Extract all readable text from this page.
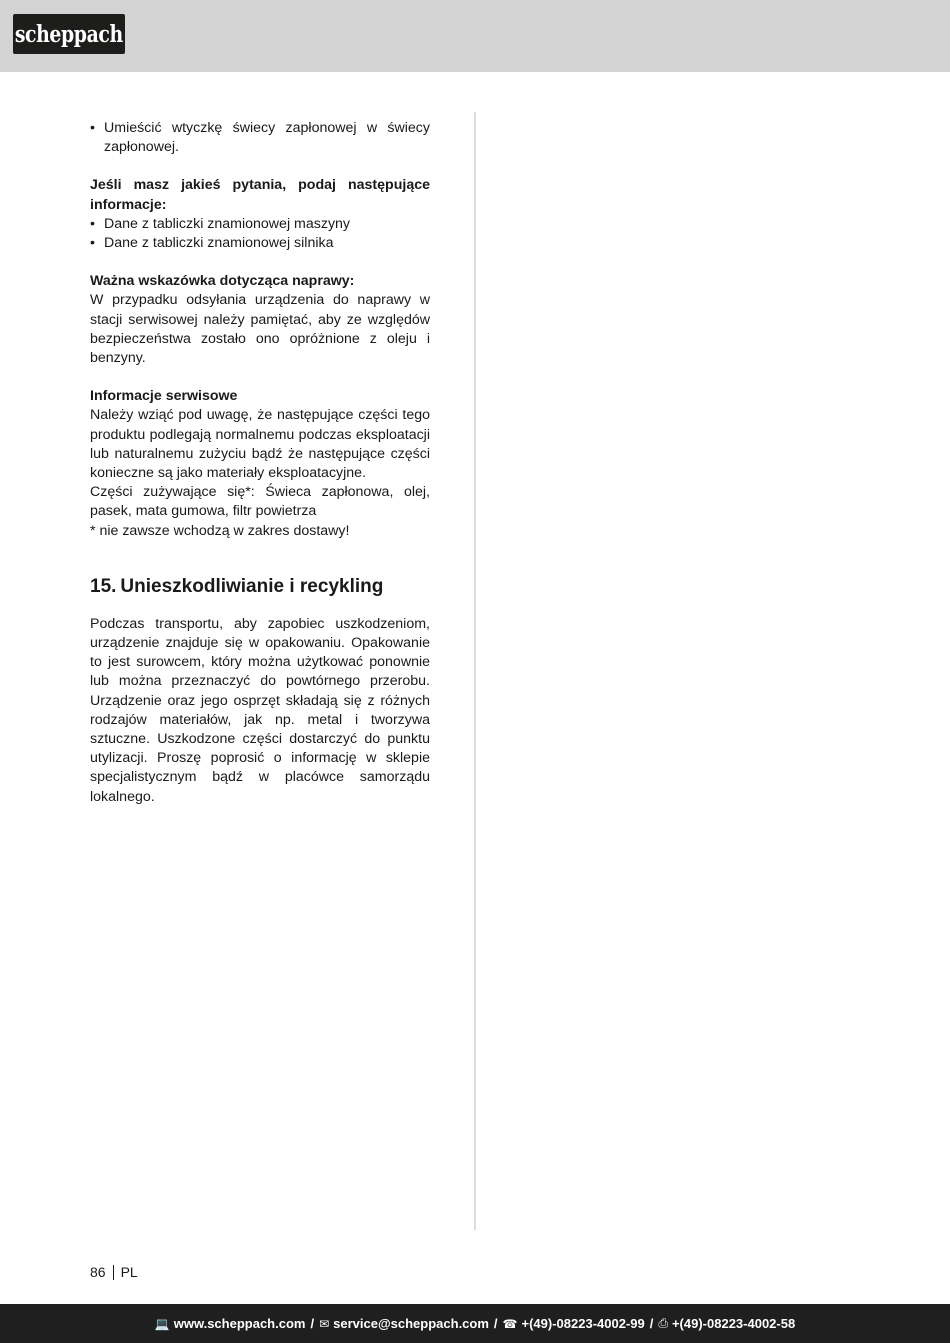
scheppach

• Umieścić wtyczkę świecy zapłonowej w świecy zapłonowej.

Jeśli masz jakieś pytania, podaj następujące informacje:

• Dane z tabliczki znamionowej maszyny

• Dane z tabliczki znamionowej silnika

Ważna wskazówka dotycząca naprawy:

W przypadku odsyłania urządzenia do naprawy w stacji serwisowej należy pamiętać, aby ze względów bezpieczeństwa zostało ono opróżnione z oleju i benzyny.

Informacje serwisowe

Należy wziąć pod uwagę, że następujące części tego produktu podlegają normalnemu podczas eksploatacji lub naturalnemu zużyciu bądź że następujące części konieczne są jako materiały eksploatacyjne.

Części zużywające się*: Świeca zapłonowa, olej, pasek, mata gumowa, filtr powietrza

* nie zawsze wchodzą w zakres dostawy!

15. Unieszkodliwianie i recykling

Podczas transportu, aby zapobiec uszkodzeniom, urządzenie znajduje się w opakowaniu. Opakowanie to jest surowcem, który można użytkować ponownie lub można przeznaczyć do powtórnego przerobu. Urządzenie oraz jego osprzęt składają się z różnych rodzajów materiałów, jak np. metal i tworzywa sztuczne. Uszkodzone części dostarczyć do punktu utylizacji. Proszę poprosić o informację w sklepie specjalistycznym bądź w placówce samorządu lokalnego.

86 PL
💻 www.scheppach.com / ✉ service@scheppach.com / ☎ +(49)-08223-4002-99 / ⎙ +(49)-08223-4002-58
